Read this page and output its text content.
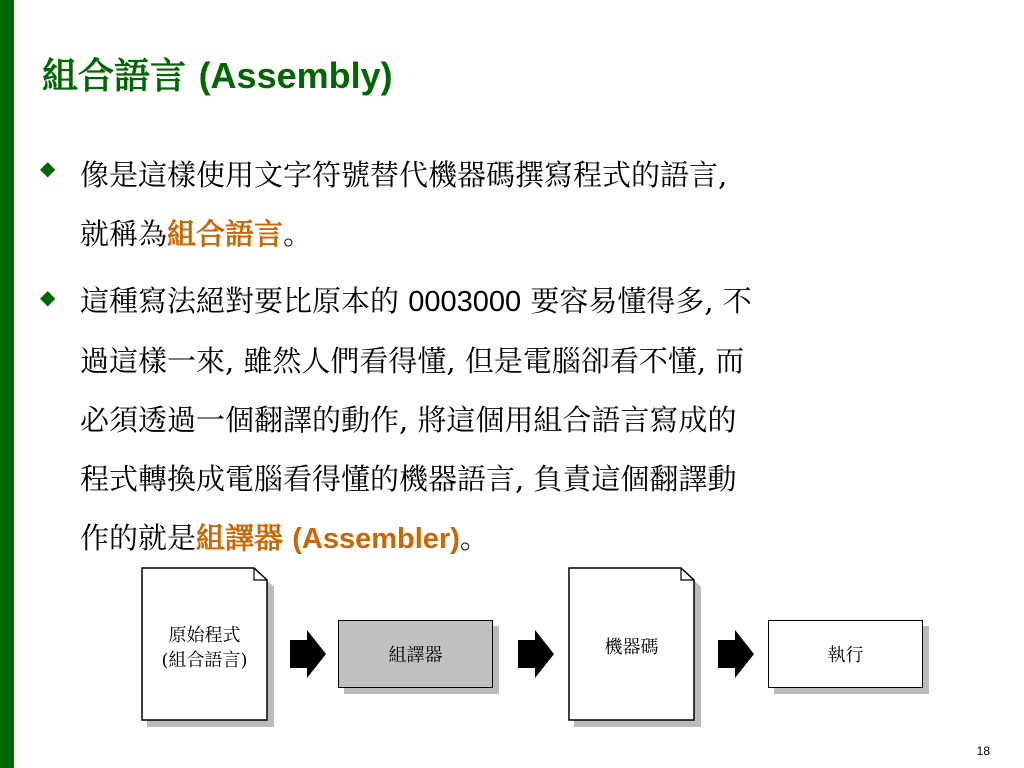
組合語言 (Assembly)
◆ 像是這樣使用文字符號替代機器碼撰寫程式的語言,
就稱為組合語言。
◆ 這種寫法絕對要比原本的 0003000 要容易懂得多, 不
過這樣一來, 雖然人們看得懂, 但是電腦卻看不懂, 而
必須透過一個翻譯的動作, 將這個用組合語言寫成的
程式轉換成電腦看得懂的機器語言, 負責這個翻譯動
作的就是組譯器 (Assembler)。
原始程式
(組合語言)	組譯器	機器碼	執行
18
